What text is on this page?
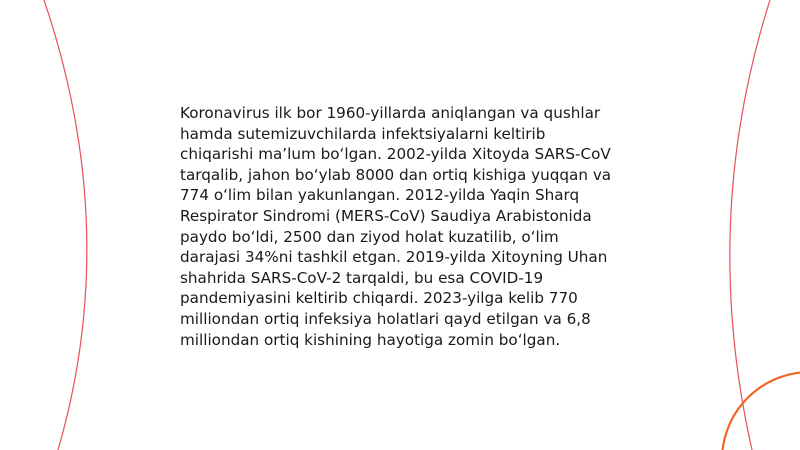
Koronavirus ilk bor 1960-yillarda aniqlangan va qushlar hamda sutemizuvchilarda infektsiyalarni keltirib chiqarishi maʼlum boʻlgan. 2002-yilda Xitoyda SARS-CoV tarqalib, jahon boʻylab 8000 dan ortiq kishiga yuqqan va 774 oʻlim bilan yakunlangan. 2012-yilda Yaqin Sharq Respirator Sindromi (MERS-CoV) Saudiya Arabistonida paydo boʻldi, 2500 dan ziyod holat kuzatilib, oʻlim darajasi 34%ni tashkil etgan. 2019-yilda Xitoyning Uhan shahrida SARS-CoV-2 tarqaldi, bu esa COVID-19 pandemiyasini keltirib chiqardi. 2023-yilga kelib 770 milliondan ortiq infeksiya holatlari qayd etilgan va 6,8 milliondan ortiq kishining hayotiga zomin boʻlgan.
